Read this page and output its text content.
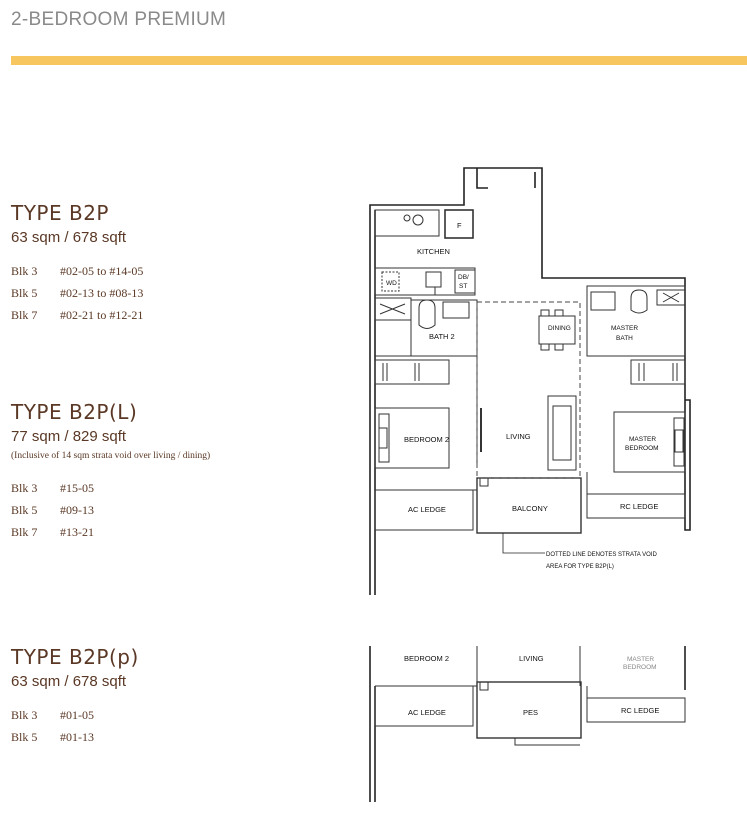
2-BEDROOM PREMIUM
TYPE B2P
63 sqm / 678 sqft
Blk 3 #02-05 to #14-05
Blk 5 #02-13 to #08-13
Blk 7 #02-21 to #12-21
TYPE B2P(L)
77 sqm / 829 sqft
(Inclusive of 14 sqm strata void over living / dining)
Blk 3 #15-05
Blk 5 #09-13
Blk 7 #13-21
TYPE B2P(p)
63 sqm / 678 sqft
Blk 3 #01-05
Blk 5 #01-13
KITCHEN
F
WD
DB/
ST
BATH 2
DINING	MASTER
BATH
BEDROOM 2	LIVING	MASTER
BEDROOM
AC LEDGE	BALCONY	RC LEDGE
DOTTED LINE DENOTES STRATA VOID
AREA FOR TYPE B2P(L)
BEDROOM 2	LIVING	MASTER
BEDROOM
AC LEDGE	PES	RC LEDGE
